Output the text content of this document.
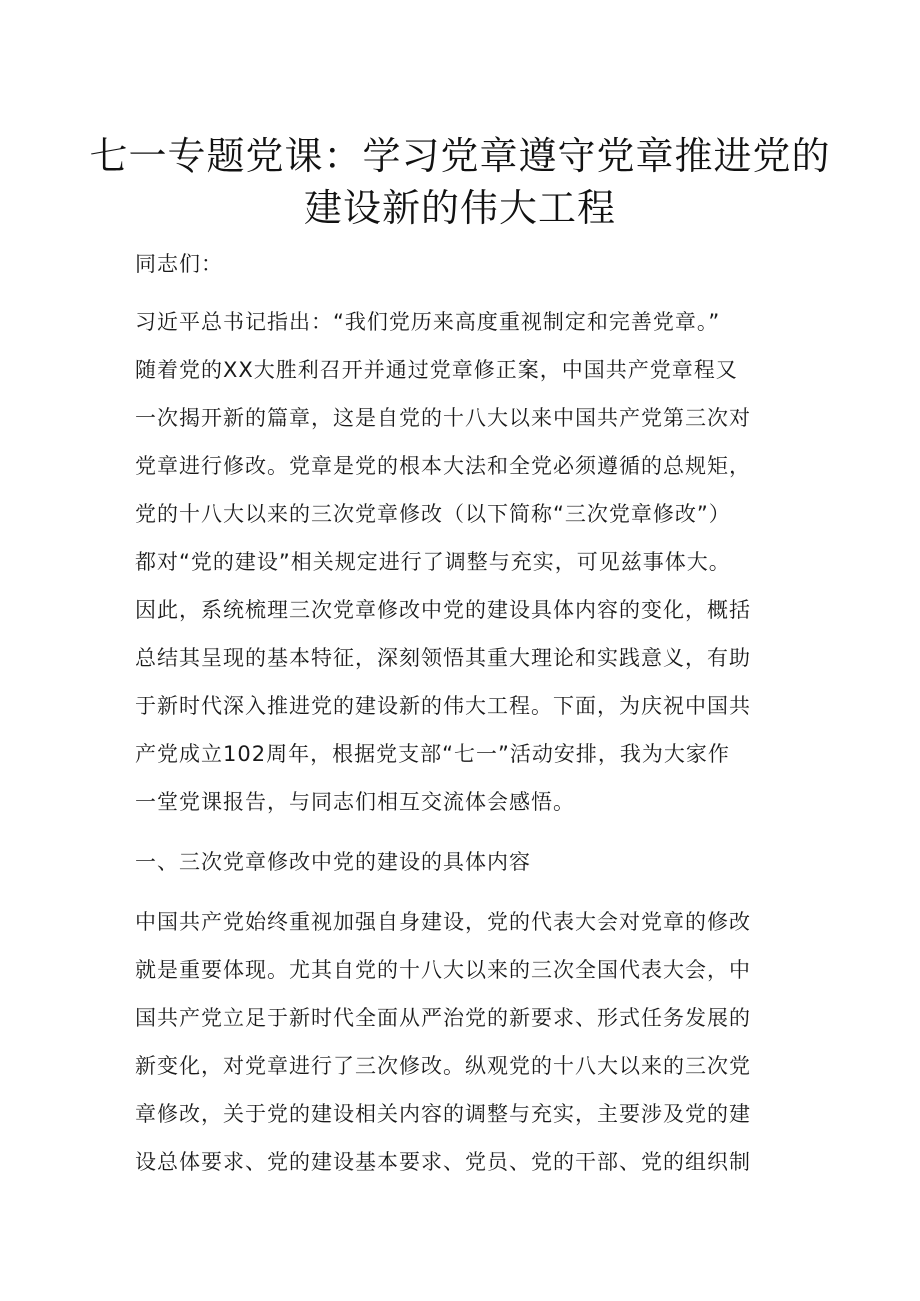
七一专题党课：学习党章遵守党章推进党的
建设新的伟大工程
同志们：
习近平总书记指出：“我们党历来高度重视制定和完善党章。”
随着党的XX大胜利召开并通过党章修正案，中国共产党章程又
一次揭开新的篇章，这是自党的十八大以来中国共产党第三次对
党章进行修改。党章是党的根本大法和全党必须遵循的总规矩，
党的十八大以来的三次党章修改（以下简称“三次党章修改”）
都对“党的建设”相关规定进行了调整与充实，可见兹事体大。
因此，系统梳理三次党章修改中党的建设具体内容的变化，概括
总结其呈现的基本特征，深刻领悟其重大理论和实践意义，有助
于新时代深入推进党的建设新的伟大工程。下面，为庆祝中国共
产党成立102周年，根据党支部“七一”活动安排，我为大家作
一堂党课报告，与同志们相互交流体会感悟。
一、三次党章修改中党的建设的具体内容
中国共产党始终重视加强自身建设，党的代表大会对党章的修改
就是重要体现。尤其自党的十八大以来的三次全国代表大会，中
国共产党立足于新时代全面从严治党的新要求、形式任务发展的
新变化，对党章进行了三次修改。纵观党的十八大以来的三次党
章修改，关于党的建设相关内容的调整与充实，主要涉及党的建
设总体要求、党的建设基本要求、党员、党的干部、党的组织制
